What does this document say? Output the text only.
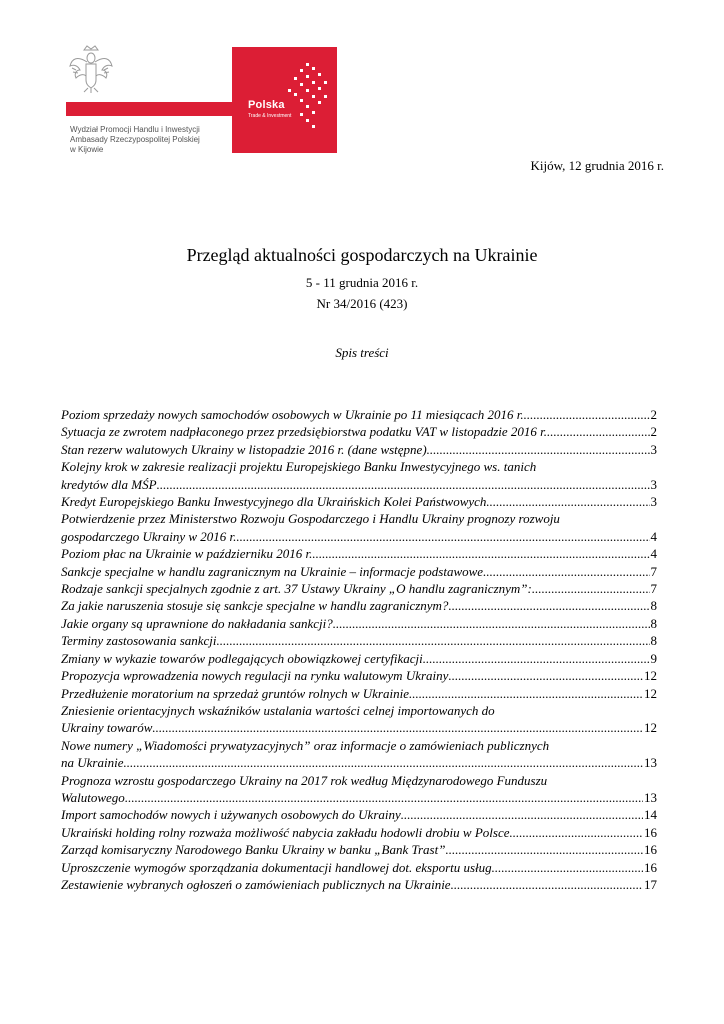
Polska
Trade & Investment
Wydział Promocji Handlu i Inwestycji
Ambasady Rzeczypospolitej Polskiej
w Kijowie
Kijów, 12 grudnia 2016 r.
Przegląd aktualności gospodarczych na Ukrainie
5 - 11 grudnia 2016 r.
Nr 34/2016 (423)
Spis treści
Poziom sprzedaży nowych samochodów osobowych w Ukrainie po 11 miesiącach 2016 r. .....	2
Sytuacja ze zwrotem nadpłaconego przez przedsiębiorstwa podatku VAT w listopadzie 2016 r. .....	2
Stan rezerw walutowych Ukrainy w listopadzie 2016 r. (dane wstępne) .....	3
Kolejny krok w zakresie realizacji projektu Europejskiego Banku Inwestycyjnego ws. tanich
kredytów dla MŚP .....	3
Kredyt Europejskiego Banku Inwestycyjnego dla Ukraińskich Kolei Państwowych .....	3
Potwierdzenie przez Ministerstwo Rozwoju Gospodarczego i Handlu Ukrainy prognozy rozwoju
gospodarczego Ukrainy w 2016 r. .....	4
Poziom płac na Ukrainie w październiku 2016 r. .....	4
Sankcje specjalne w handlu zagranicznym na Ukrainie – informacje podstawowe .....	7
Rodzaje sankcji specjalnych zgodnie z art. 37 Ustawy Ukrainy „O handlu zagranicznym”: .....	7
Za jakie naruszenia stosuje się sankcje specjalne w handlu zagranicznym? .....	8
Jakie organy są uprawnione do nakładania sankcji? .....	8
Terminy zastosowania sankcji .....	8
Zmiany w wykazie towarów podlegających obowiązkowej certyfikacji .....	9
Propozycja wprowadzenia nowych regulacji na rynku walutowym Ukrainy .....	12
Przedłużenie moratorium na sprzedaż gruntów rolnych w Ukrainie .....	12
Zniesienie orientacyjnych wskaźników ustalania wartości celnej importowanych do
Ukrainy towarów .....	12
Nowe numery „Wiadomości prywatyzacyjnych” oraz informacje o zamówieniach publicznych
na Ukrainie .....	13
Prognoza wzrostu gospodarczego Ukrainy na 2017 rok według Międzynarodowego Funduszu
Walutowego .....	13
Import samochodów nowych i używanych osobowych do Ukrainy .....	14
Ukraiński holding rolny rozważa możliwość nabycia zakładu hodowli drobiu w Polsce .....	16
Zarząd komisaryczny Narodowego Banku Ukrainy w banku „Bank Trast” .....	16
Uproszczenie wymogów sporządzania dokumentacji handlowej dot. eksportu usług .....	16
Zestawienie wybranych ogłoszeń o zamówieniach publicznych na Ukrainie .....	17
